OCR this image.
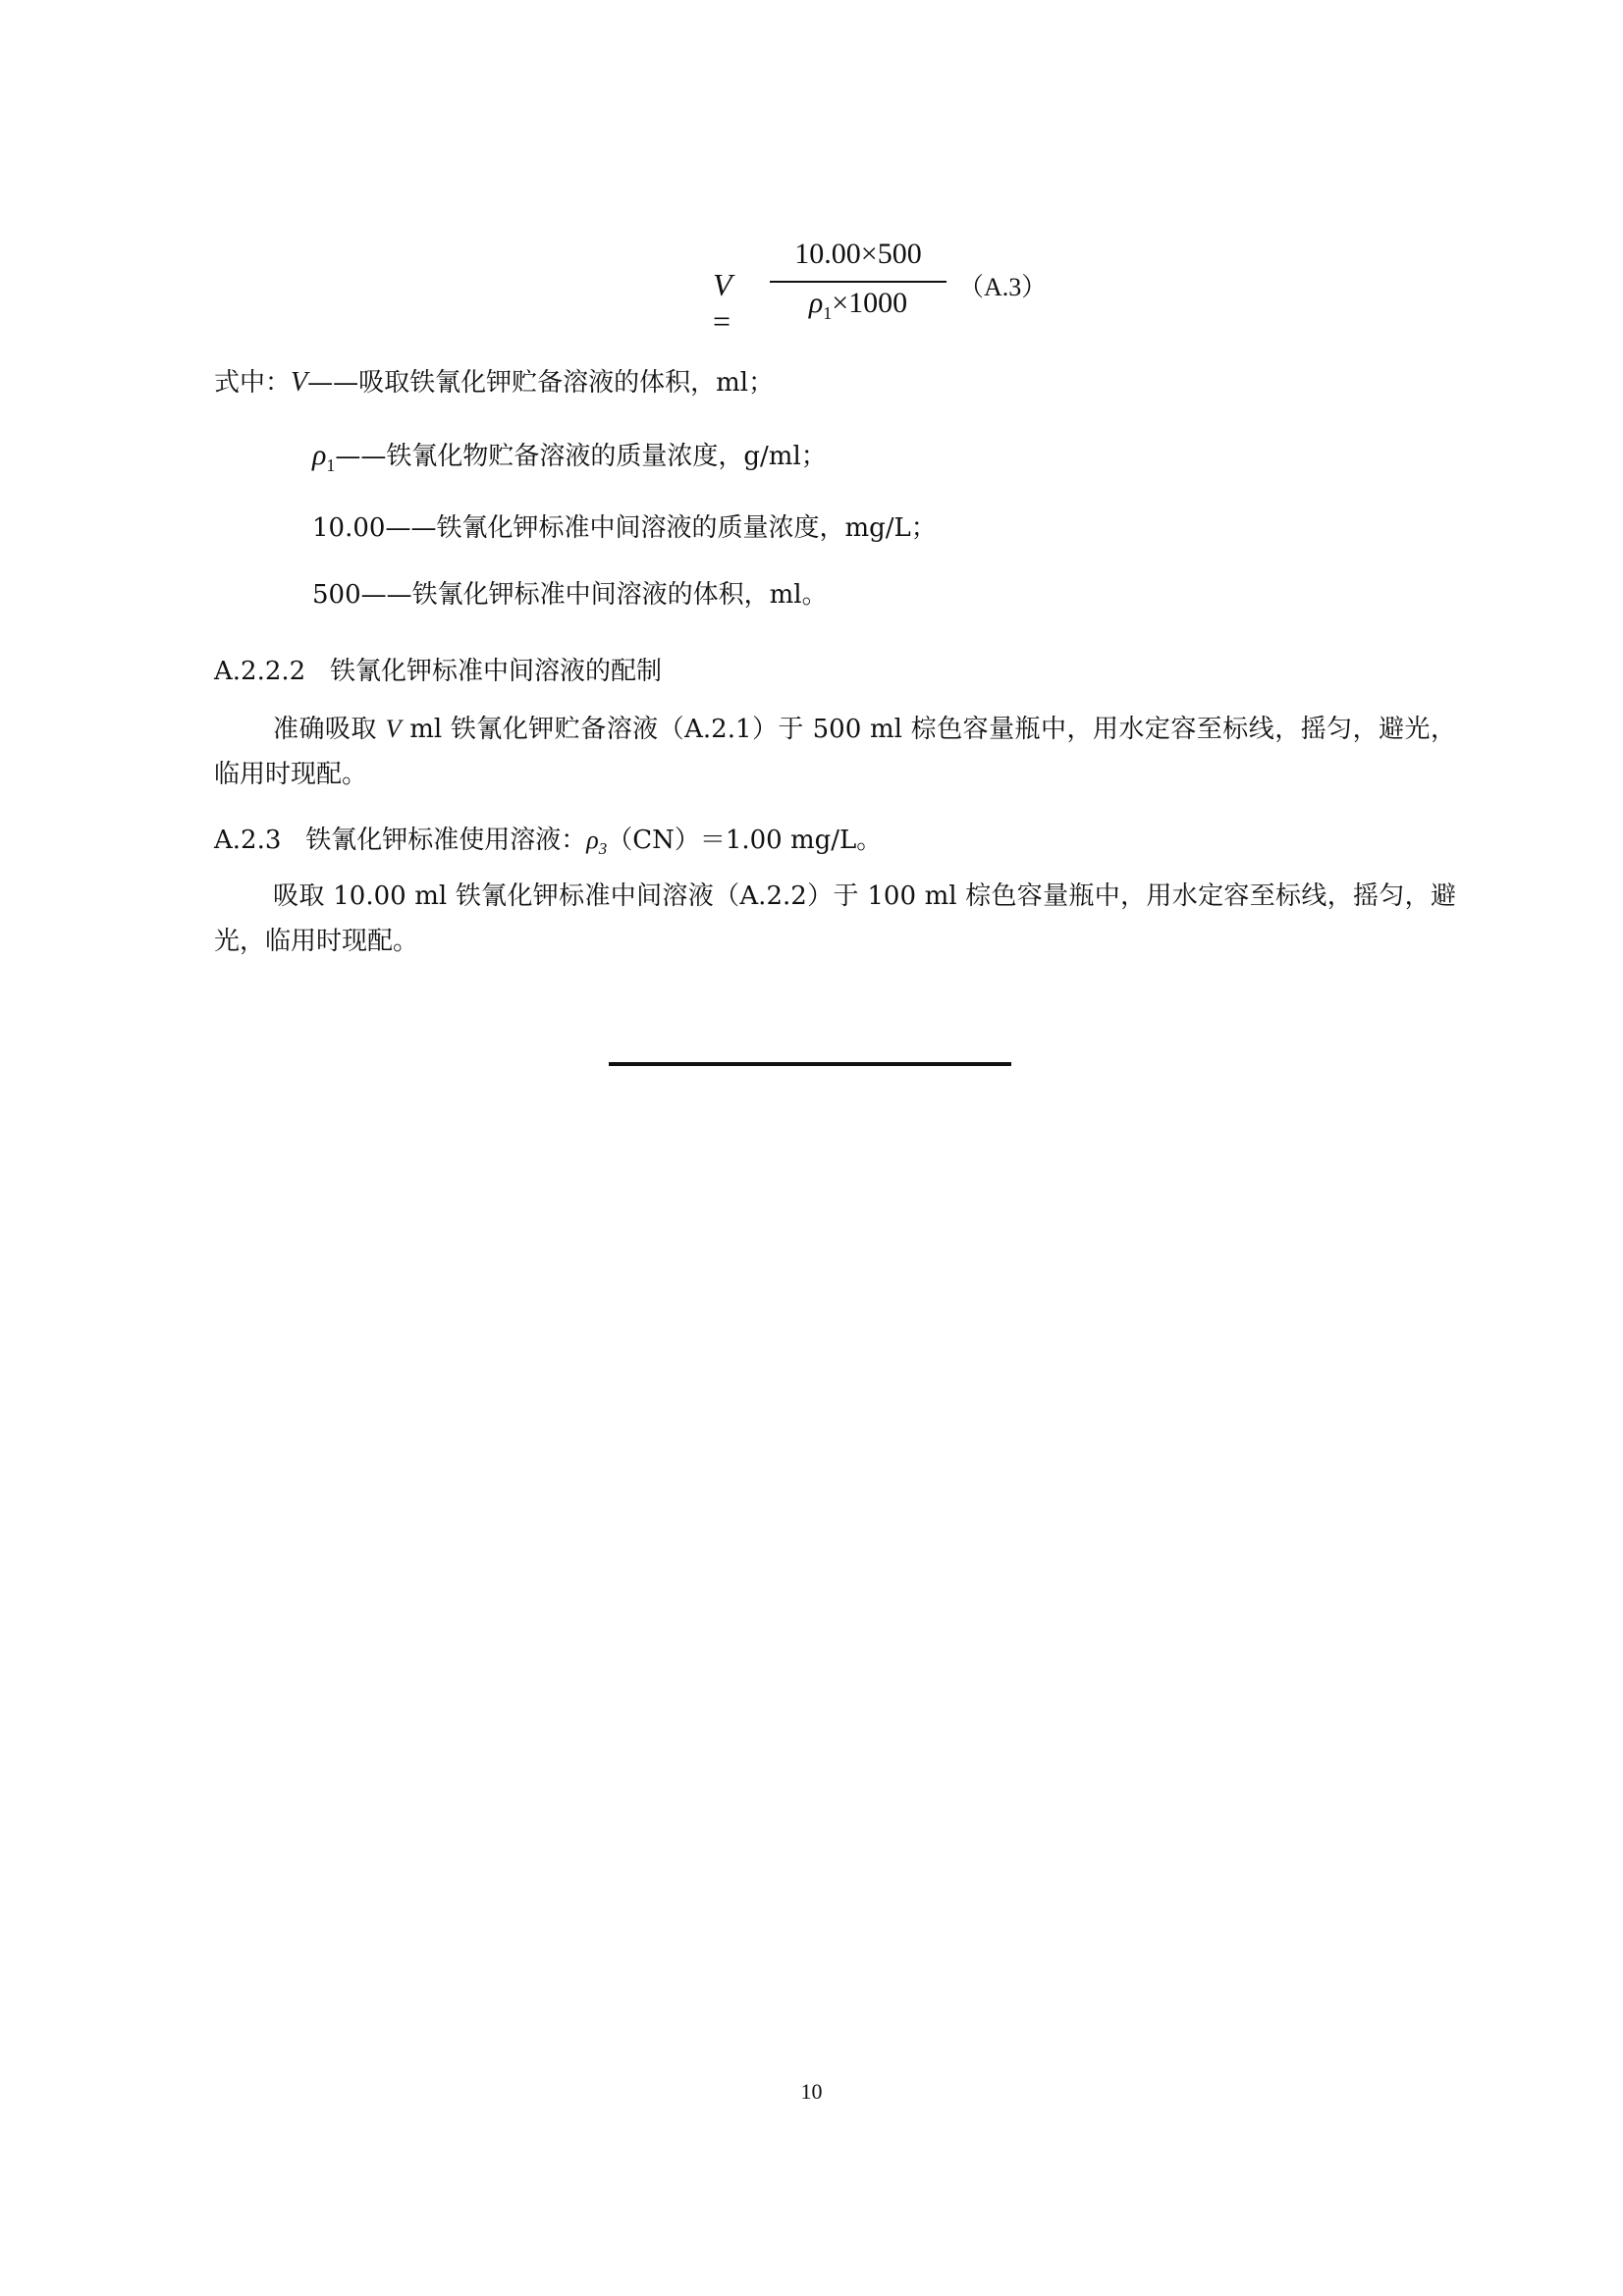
V =
10.00×500
$\rho_1\times 1000$	（A.3）
式中：V——吸取铁氰化钾贮备溶液的体积，ml；
$\rho_1——$铁氰化物贮备溶液的质量浓度，g/ml；
10.00——铁氰化钾标准中间溶液的质量浓度，mg/L；
500——铁氰化钾标准中间溶液的体积，ml。
A.2.2.2 铁氰化钾标准中间溶液的配制
准确吸取 V ml 铁氰化钾贮备溶液（A.2.1）于 500 ml 棕色容量瓶中，用水定容至标线，摇匀，避光，临用时现配。
A.2.3 铁氰化钾标准使用溶液：$\rho_3(CN)=1.00$ mg/L。
吸取 10.00 ml 铁氰化钾标准中间溶液（A.2.2）于 100 ml 棕色容量瓶中，用水定容至标线，摇匀，避光，临用时现配。
10
